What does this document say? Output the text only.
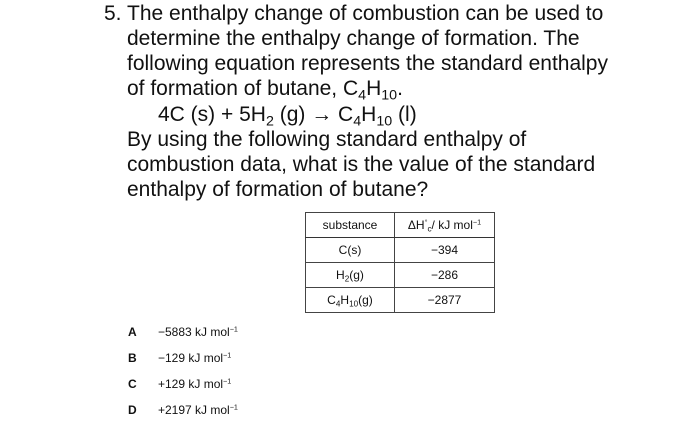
5. The enthalpy change of combustion can be used to
determine the enthalpy change of formation. The
following equation represents the standard enthalpy
of formation of butane, $C_4H_{10}$.
4C $(s) + 5H_2$ $(g) \to C_4H_{10}$ (l)
By using the following standard enthalpy of
combustion data, what is the value of the standard
enthalpy of formation of butane?
substance	$\Delta H^\circ_c/$ kJ mol$^{-1}$
C(s)	−394
$H_2(g)$	−286
$C_4H_{10}(g)$	−2877
A −5883 kJ mol$^{-1}$
B −129 kJ mol$^{-1}$
C +129 kJ mol$^{-1}$
D +2197 kJ mol$^{-1}$
